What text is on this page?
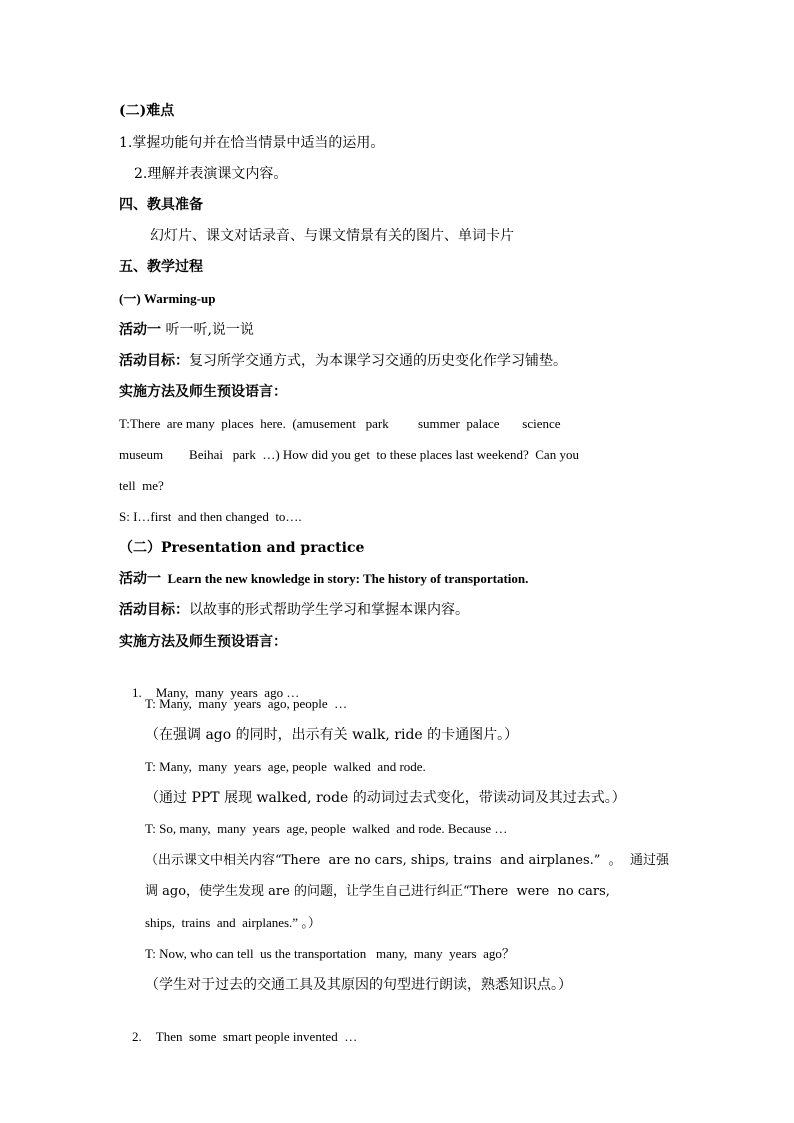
(二)难点
1.掌握功能句并在恰当情景中适当的运用。
2.理解并表演课文内容。
四、教具准备
幻灯片、课文对话录音、与课文情景有关的图片、单词卡片
五、教学过程
(一) Warming-up
活动一 听一听,说一说
活动目标：复习所学交通方式，为本课学习交通的历史变化作学习铺垫。
实施方法及师生预设语言：
T:There  are many  places  here.  (amusement   park         summer  palace       science
museum        Beihai   park  …) How did you get  to these places last weekend?  Can you
tell  me?
S: I…first  and then changed  to….
（二）Presentation and practice
活动一  Learn the new knowledge in story: The history of transportation.
活动目标：以故事的形式帮助学生学习和掌握本课内容。
实施方法及师生预设语言：

1. Many,  many  years  ago …

T: Many,  many  years  ago, people  …
（在强调 ago 的同时，出示有关 walk, ride 的卡通图片。）
T: Many,  many  years  age, people  walked  and rode.
（通过 PPT 展现 walked, rode 的动词过去式变化，带读动词及其过去式。）
T: So, many,  many  years  age, people  walked  and rode. Because …
（出示课文中相关内容“There  are no cars, ships, trains  and airplanes.”  。  通过强
调 ago，使学生发现 are 的问题，让学生自己进行纠正“There  were  no cars,
ships,  trains  and  airplanes.” 。）
T: Now, who can tell  us the transportation   many,  many  years  ago？
（学生对于过去的交通工具及其原因的句型进行朗读，熟悉知识点。）

2. Then  some  smart people invented  …
